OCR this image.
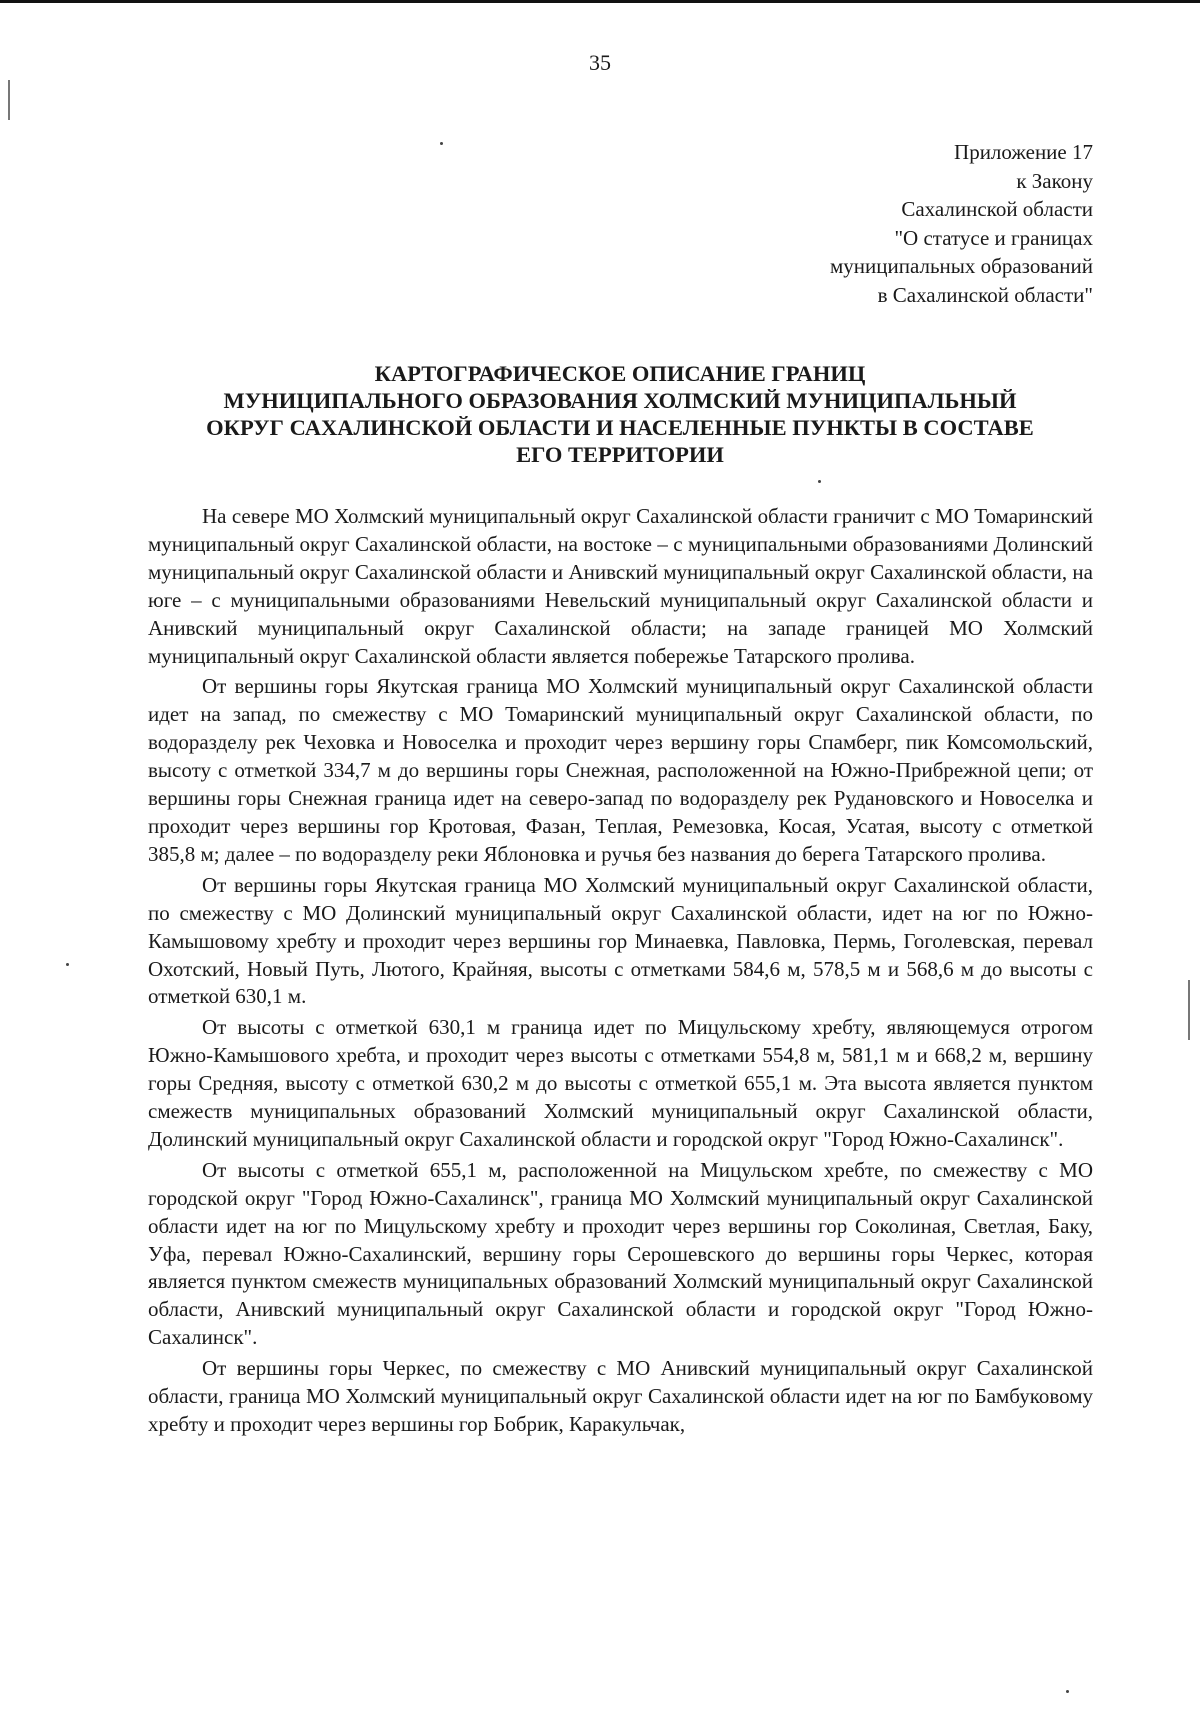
35
Приложение 17
к Закону
Сахалинской области
"О статусе и границах
муниципальных образований
в Сахалинской области"
КАРТОГРАФИЧЕСКОЕ ОПИСАНИЕ ГРАНИЦ
МУНИЦИПАЛЬНОГО ОБРАЗОВАНИЯ ХОЛМСКИЙ МУНИЦИПАЛЬНЫЙ
ОКРУГ САХАЛИНСКОЙ ОБЛАСТИ И НАСЕЛЕННЫЕ ПУНКТЫ В СОСТАВЕ
ЕГО ТЕРРИТОРИИ

На севере МО Холмский муниципальный округ Сахалинской области граничит с МО Томаринский муниципальный округ Сахалинской области, на востоке – с муниципальными образованиями Долинский муниципальный округ Сахалинской области и Анивский муниципальный округ Сахалинской области, на юге – с муниципальными образованиями Невельский муниципальный округ Сахалинской области и Анивский муниципальный округ Сахалинской области; на западе границей МО Холмский муниципальный округ Сахалинской области является побережье Татарского пролива.

От вершины горы Якутская граница МО Холмский муниципальный округ Сахалинской области идет на запад, по смежеству с МО Томаринский муниципальный округ Сахалинской области, по водоразделу рек Чеховка и Новоселка и проходит через вершину горы Спамберг, пик Комсомольский, высоту с отметкой 334,7 м до вершины горы Снежная, расположенной на Южно-Прибрежной цепи; от вершины горы Снежная граница идет на северо-запад по водоразделу рек Рудановского и Новоселка и проходит через вершины гор Кротовая, Фазан, Теплая, Ремезовка, Косая, Усатая, высоту с отметкой 385,8 м; далее – по водоразделу реки Яблоновка и ручья без названия до берега Татарского пролива.

От вершины горы Якутская граница МО Холмский муниципальный округ Сахалинской области, по смежеству с МО Долинский муниципальный округ Сахалинской области, идет на юг по Южно-Камышовому хребту и проходит через вершины гор Минаевка, Павловка, Пермь, Гоголевская, перевал Охотский, Новый Путь, Лютого, Крайняя, высоты с отметками 584,6 м, 578,5 м и 568,6 м до высоты с отметкой 630,1 м.

От высоты с отметкой 630,1 м граница идет по Мицульскому хребту, являющемуся отрогом Южно-Камышового хребта, и проходит через высоты с отметками 554,8 м, 581,1 м и 668,2 м, вершину горы Средняя, высоту с отметкой 630,2 м до высоты с отметкой 655,1 м. Эта высота является пунктом смежеств муниципальных образований Холмский муниципальный округ Сахалинской области, Долинский муниципальный округ Сахалинской области и городской округ "Город Южно-Сахалинск".

От высоты с отметкой 655,1 м, расположенной на Мицульском хребте, по смежеству с МО городской округ "Город Южно-Сахалинск", граница МО Холмский муниципальный округ Сахалинской области идет на юг по Мицульскому хребту и проходит через вершины гор Соколиная, Светлая, Баку, Уфа, перевал Южно-Сахалинский, вершину горы Серошевского до вершины горы Черкес, которая является пунктом смежеств муниципальных образований Холмский муниципальный округ Сахалинской области, Анивский муниципальный округ Сахалинской области и городской округ "Город Южно-Сахалинск".

От вершины горы Черкес, по смежеству с МО Анивский муниципальный округ Сахалинской области, граница МО Холмский муниципальный округ Сахалинской области идет на юг по Бамбуковому хребту и проходит через вершины гор Бобрик, Каракульчак,
